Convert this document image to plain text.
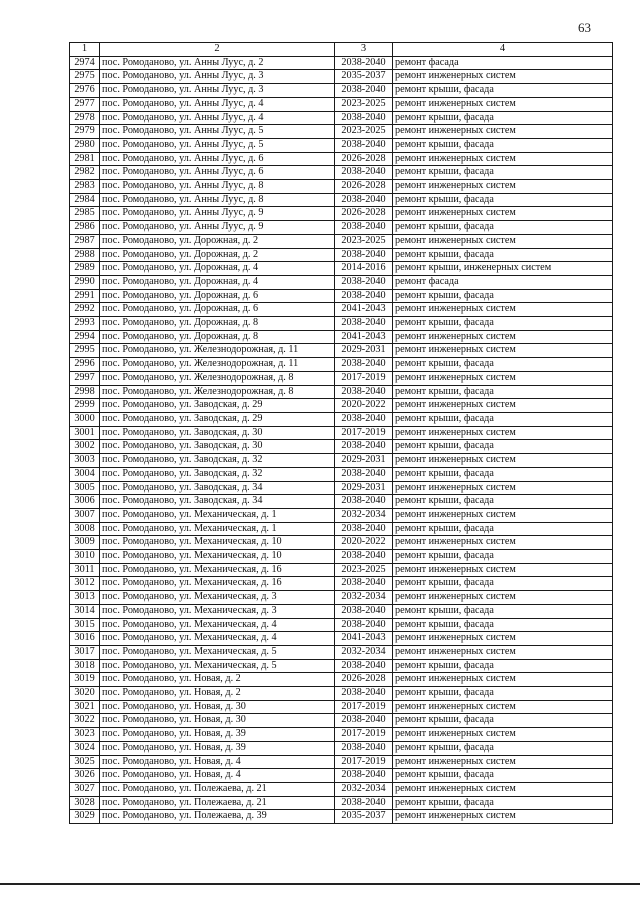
63
1	2	3	4
2974	пос. Ромоданово, ул. Анны Луус, д. 2	2038-2040	ремонт фасада
2975	пос. Ромоданово, ул. Анны Луус, д. 3	2035-2037	ремонт инженерных систем
2976	пос. Ромоданово, ул. Анны Луус, д. 3	2038-2040	ремонт крыши, фасада
2977	пос. Ромоданово, ул. Анны Луус, д. 4	2023-2025	ремонт инженерных систем
2978	пос. Ромоданово, ул. Анны Луус, д. 4	2038-2040	ремонт крыши, фасада
2979	пос. Ромоданово, ул. Анны Луус, д. 5	2023-2025	ремонт инженерных систем
2980	пос. Ромоданово, ул. Анны Луус, д. 5	2038-2040	ремонт крыши, фасада
2981	пос. Ромоданово, ул. Анны Луус, д. 6	2026-2028	ремонт инженерных систем
2982	пос. Ромоданово, ул. Анны Луус, д. 6	2038-2040	ремонт крыши, фасада
2983	пос. Ромоданово, ул. Анны Луус, д. 8	2026-2028	ремонт инженерных систем
2984	пос. Ромоданово, ул. Анны Луус, д. 8	2038-2040	ремонт крыши, фасада
2985	пос. Ромоданово, ул. Анны Луус, д. 9	2026-2028	ремонт инженерных систем
2986	пос. Ромоданово, ул. Анны Луус, д. 9	2038-2040	ремонт крыши, фасада
2987	пос. Ромоданово, ул. Дорожная, д. 2	2023-2025	ремонт инженерных систем
2988	пос. Ромоданово, ул. Дорожная, д. 2	2038-2040	ремонт крыши, фасада
2989	пос. Ромоданово, ул. Дорожная, д. 4	2014-2016	ремонт крыши, инженерных систем
2990	пос. Ромоданово, ул. Дорожная, д. 4	2038-2040	ремонт фасада
2991	пос. Ромоданово, ул. Дорожная, д. 6	2038-2040	ремонт крыши, фасада
2992	пос. Ромоданово, ул. Дорожная, д. 6	2041-2043	ремонт инженерных систем
2993	пос. Ромоданово, ул. Дорожная, д. 8	2038-2040	ремонт крыши, фасада
2994	пос. Ромоданово, ул. Дорожная, д. 8	2041-2043	ремонт инженерных систем
2995	пос. Ромоданово, ул. Железнодорожная, д. 11	2029-2031	ремонт инженерных систем
2996	пос. Ромоданово, ул. Железнодорожная, д. 11	2038-2040	ремонт крыши, фасада
2997	пос. Ромоданово, ул. Железнодорожная, д. 8	2017-2019	ремонт инженерных систем
2998	пос. Ромоданово, ул. Железнодорожная, д. 8	2038-2040	ремонт крыши, фасада
2999	пос. Ромоданово, ул. Заводская, д. 29	2020-2022	ремонт инженерных систем
3000	пос. Ромоданово, ул. Заводская, д. 29	2038-2040	ремонт крыши, фасада
3001	пос. Ромоданово, ул. Заводская, д. 30	2017-2019	ремонт инженерных систем
3002	пос. Ромоданово, ул. Заводская, д. 30	2038-2040	ремонт крыши, фасада
3003	пос. Ромоданово, ул. Заводская, д. 32	2029-2031	ремонт инженерных систем
3004	пос. Ромоданово, ул. Заводская, д. 32	2038-2040	ремонт крыши, фасада
3005	пос. Ромоданово, ул. Заводская, д. 34	2029-2031	ремонт инженерных систем
3006	пос. Ромоданово, ул. Заводская, д. 34	2038-2040	ремонт крыши, фасада
3007	пос. Ромоданово, ул. Механическая, д. 1	2032-2034	ремонт инженерных систем
3008	пос. Ромоданово, ул. Механическая, д. 1	2038-2040	ремонт крыши, фасада
3009	пос. Ромоданово, ул. Механическая, д. 10	2020-2022	ремонт инженерных систем
3010	пос. Ромоданово, ул. Механическая, д. 10	2038-2040	ремонт крыши, фасада
3011	пос. Ромоданово, ул. Механическая, д. 16	2023-2025	ремонт инженерных систем
3012	пос. Ромоданово, ул. Механическая, д. 16	2038-2040	ремонт крыши, фасада
3013	пос. Ромоданово, ул. Механическая, д. 3	2032-2034	ремонт инженерных систем
3014	пос. Ромоданово, ул. Механическая, д. 3	2038-2040	ремонт крыши, фасада
3015	пос. Ромоданово, ул. Механическая, д. 4	2038-2040	ремонт крыши, фасада
3016	пос. Ромоданово, ул. Механическая, д. 4	2041-2043	ремонт инженерных систем
3017	пос. Ромоданово, ул. Механическая, д. 5	2032-2034	ремонт инженерных систем
3018	пос. Ромоданово, ул. Механическая, д. 5	2038-2040	ремонт крыши, фасада
3019	пос. Ромоданово, ул. Новая, д. 2	2026-2028	ремонт инженерных систем
3020	пос. Ромоданово, ул. Новая, д. 2	2038-2040	ремонт крыши, фасада
3021	пос. Ромоданово, ул. Новая, д. 30	2017-2019	ремонт инженерных систем
3022	пос. Ромоданово, ул. Новая, д. 30	2038-2040	ремонт крыши, фасада
3023	пос. Ромоданово, ул. Новая, д. 39	2017-2019	ремонт инженерных систем
3024	пос. Ромоданово, ул. Новая, д. 39	2038-2040	ремонт крыши, фасада
3025	пос. Ромоданово, ул. Новая, д. 4	2017-2019	ремонт инженерных систем
3026	пос. Ромоданово, ул. Новая, д. 4	2038-2040	ремонт крыши, фасада
3027	пос. Ромоданово, ул. Полежаева, д. 21	2032-2034	ремонт инженерных систем
3028	пос. Ромоданово, ул. Полежаева, д. 21	2038-2040	ремонт крыши, фасада
3029	пос. Ромоданово, ул. Полежаева, д. 39	2035-2037	ремонт инженерных систем
